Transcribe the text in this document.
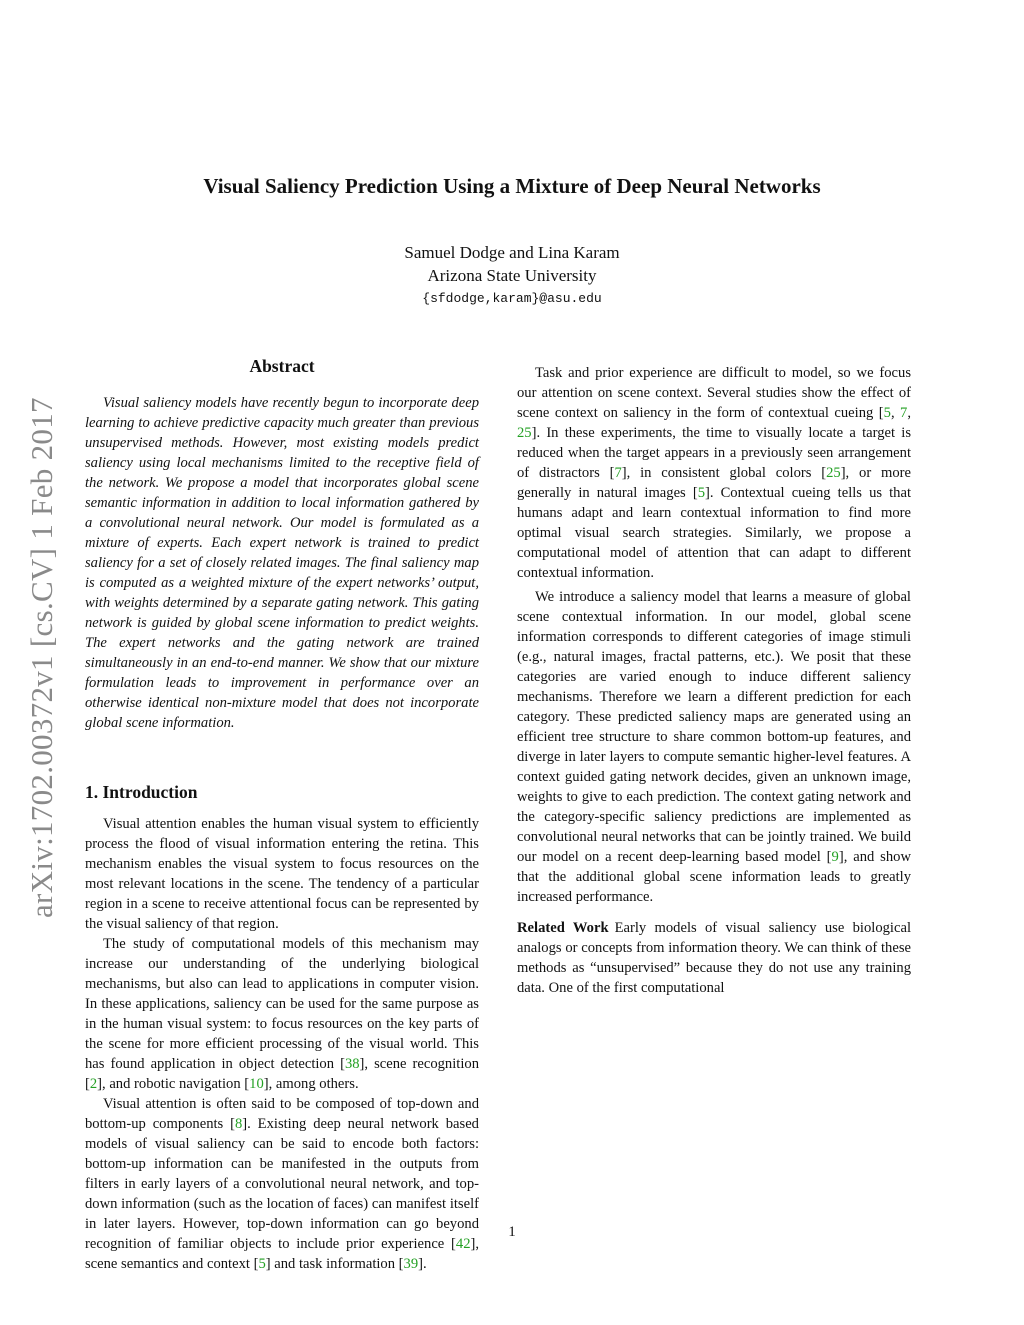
Visual Saliency Prediction Using a Mixture of Deep Neural Networks
Samuel Dodge and Lina Karam
Arizona State University
{sfdodge,karam}@asu.edu
arXiv:1702.00372v1 [cs.CV] 1 Feb 2017

Abstract

Visual saliency models have recently begun to incorporate deep learning to achieve predictive capacity much greater than previous unsupervised methods. However, most existing models predict saliency using local mechanisms limited to the receptive field of the network. We propose a model that incorporates global scene semantic information in addition to local information gathered by a convolutional neural network. Our model is formulated as a mixture of experts. Each expert network is trained to predict saliency for a set of closely related images. The final saliency map is computed as a weighted mixture of the expert networks’ output, with weights determined by a separate gating network. This gating network is guided by global scene information to predict weights. The expert networks and the gating network are trained simultaneously in an end-to-end manner. We show that our mixture formulation leads to improvement in performance over an otherwise identical non-mixture model that does not incorporate global scene information.

1. Introduction

Visual attention enables the human visual system to efficiently process the flood of visual information entering the retina. This mechanism enables the visual system to focus resources on the most relevant locations in the scene. The tendency of a particular region in a scene to receive attentional focus can be represented by the visual saliency of that region.

The study of computational models of this mechanism may increase our understanding of the underlying biological mechanisms, but also can lead to applications in computer vision. In these applications, saliency can be used for the same purpose as in the human visual system: to focus resources on the key parts of the scene for more efficient processing of the visual world. This has found application in object detection [38], scene recognition [2], and robotic navigation [10], among others.

Visual attention is often said to be composed of top-down and bottom-up components [8]. Existing deep neural network based models of visual saliency can be said to encode both factors: bottom-up information can be manifested in the outputs from filters in early layers of a convolutional neural network, and top-down information (such as the location of faces) can manifest itself in later layers. However, top-down information can go beyond recognition of familiar objects to include prior experience [42], scene semantics and context [5] and task information [39].

Task and prior experience are difficult to model, so we focus our attention on scene context. Several studies show the effect of scene context on saliency in the form of contextual cueing [5, 7, 25]. In these experiments, the time to visually locate a target is reduced when the target appears in a previously seen arrangement of distractors [7], in consistent global colors [25], or more generally in natural images [5]. Contextual cueing tells us that humans adapt and learn contextual information to find more optimal visual search strategies. Similarly, we propose a computational model of attention that can adapt to different contextual information.

We introduce a saliency model that learns a measure of global scene contextual information. In our model, global scene information corresponds to different categories of image stimuli (e.g., natural images, fractal patterns, etc.). We posit that these categories are varied enough to induce different saliency mechanisms. Therefore we learn a different prediction for each category. These predicted saliency maps are generated using an efficient tree structure to share common bottom-up features, and diverge in later layers to compute semantic higher-level features. A context guided gating network decides, given an unknown image, weights to give to each prediction. The context gating network and the category-specific saliency predictions are implemented as convolutional neural networks that can be jointly trained. We build our model on a recent deep-learning based model [9], and show that the additional global scene information leads to greatly increased performance.

Related Work Early models of visual saliency use biological analogs or concepts from information theory. We can think of these methods as “unsupervised” because they do not use any training data. One of the first computational

1
